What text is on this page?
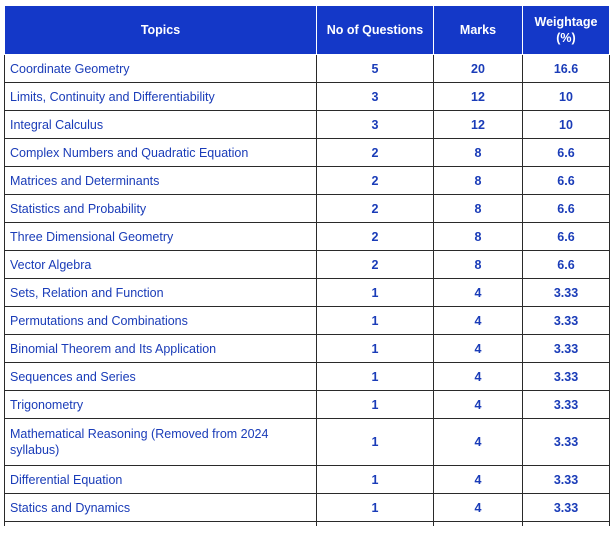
Topics	No of Questions	Marks	Weightage (%)
Coordinate Geometry	5	20	16.6
Limits, Continuity and Differentiability	3	12	10
Integral Calculus	3	12	10
Complex Numbers and Quadratic Equation	2	8	6.6
Matrices and Determinants	2	8	6.6
Statistics and Probability	2	8	6.6
Three Dimensional Geometry	2	8	6.6
Vector Algebra	2	8	6.6
Sets, Relation and Function	1	4	3.33
Permutations and Combinations	1	4	3.33
Binomial Theorem and Its Application	1	4	3.33
Sequences and Series	1	4	3.33
Trigonometry	1	4	3.33
Mathematical Reasoning (Removed from 2024 syllabus)	1	4	3.33
Differential Equation	1	4	3.33
Statics and Dynamics	1	4	3.33
